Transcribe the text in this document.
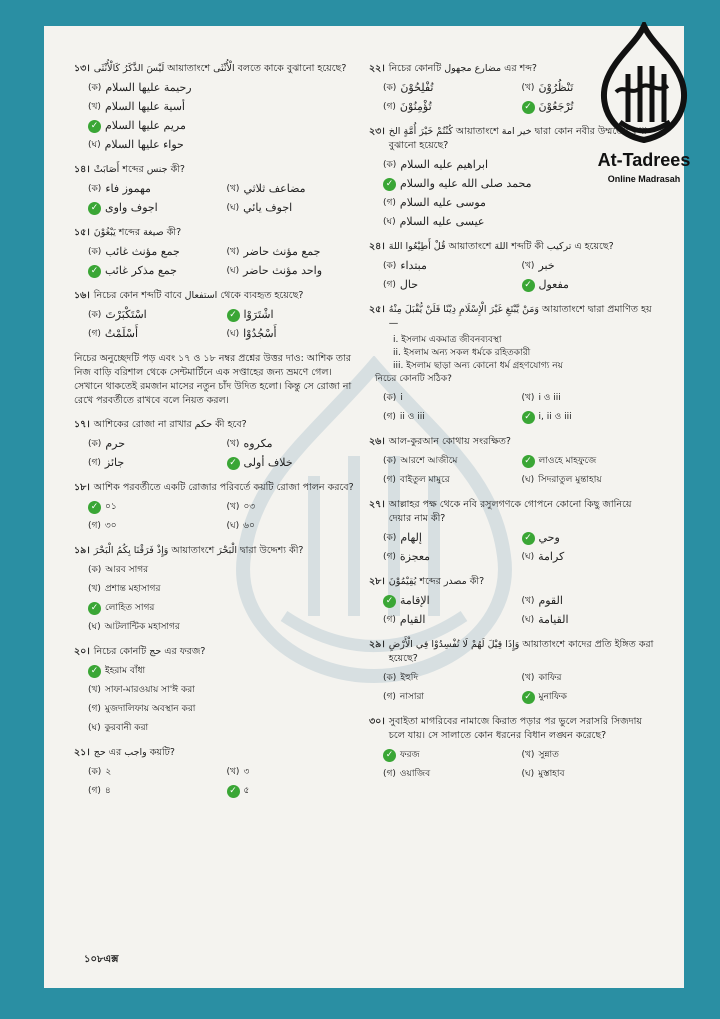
১৩। لَيْسَ الذَّكَرُ كَالْأُنْثَى আয়াতাংশে الْأُنْثَى বলতে কাকে বুঝানো হয়েছে?
(ক) رحيمة عليها السلام
(খ) أسية عليها السلام
✓ مريم عليها السلام
(ঘ) حواء عليها السلام
১৪। أَصَابَتْ শব্দের جنس কী?
(ক) مهموز فاء	(খ) مضاعف ثلاثي
✓ اجوف واوى	(ঘ) اجوف يائي
১৫। يَبْغُوْنَ শব্দের صيغة কী?
(ক) جمع مؤنث غائب	(খ) جمع مؤنث حاضر
✓ جمع مذكر غائب	(ঘ) واحد مؤنث حاضر
১৬। নিচের কোন শব্দটি বাবে استفعال থেকে ব্যবহৃত হয়েছে?
(ক) اسْتَكْبَرْتَ	✓ اشْتَرَوْا
(গ) أَسْلَمْتُ	(ঘ) أَسْجُدُوْا
নিচের অনুচ্ছেদটি পড় এবং ১৭ ও ১৮ নম্বর প্রশ্নের উত্তর দাও: আশিক তার নিজ বাড়ি বরিশাল থেকে সেন্টমার্টিনে এক সপ্তাহের জন্য ভ্রমণে গেল। সেখানে থাকতেই রমজান মাসের নতুন চাঁদ উদিত হলো। কিন্তু সে রোজা না রেখে পরবর্তীতে রাখবে বলে নিয়ত করল।
১৭। আশিকের রোজা না রাখার حكم কী হবে?
(ক) حرم	(খ) مكروه
(গ) جائز	✓ خلاف أولى
১৮। আশিক পরবর্তীতে একটি রোজার পরিবর্তে কয়টি রোজা পালন করবে?
✓ ০১	(খ) ০৩
(গ) ৩০	(ঘ) ৬০
১৯। وَإِذْ فَرَقْنَا بِكُمُ الْبَحْرَ আয়াতাংশে الْبَحْرَ দ্বারা উদ্দেশ্য কী?
(ক) আরব সাগর
(খ) প্রশান্ত মহাসাগর
✓ লোহিত সাগর
(ঘ) আটলান্টিক মহাসাগর
২০। নিচের কোনটি حج এর ফরজ?
✓ ইহরাম বাঁধা
(খ) সাফা-মারওয়ায় সা'ঈ করা
(গ) মুজদালিফায় অবস্থান করা
(ঘ) কুরবানী করা
২১। حج এর واجب কয়টি?
(ক) ২	(খ) ৩
(গ) ৪	✓ ৫
২২। নিচের কোনটি مضارع مجهول এর শব্দ?
(ক) تُفْلِحُوْنَ	(খ) تَنْظُرُوْنَ
(গ) تُؤْمِنُوْنَ	✓ تُرْجَعُوْنَ
২৩। كُنْتُمْ خَيْرَ أُمَّةٍ الخ আয়াতাংশে خير امة দ্বারা কোন নবীর উম্মতের কথা বুঝানো হয়েছে?
(ক) ابراهيم عليه السلام
✓ محمد صلى الله عليه والسلام
(গ) موسى عليه السلام
(ঘ) عيسى عليه السلام
২৪। قُلْ أَطِيْعُوا اللهَ আয়াতাংশে اللهَ শব্দটি কী تركيب এ হয়েছে?
(ক) مبتداء	(খ) خبر
(গ) حال	✓ مفعول
২৫। وَمَنْ يَّبْتَغِ غَيْرَ الْإِسْلَامِ دِيْنًا فَلَنْ يُّقْبَلَ مِنْهُ আয়াতাংশে দ্বারা প্রমাণিত হয়—
i. ইসলাম একমাত্র জীবনব্যবস্থা
ii. ইসলাম অন্য সকল ধর্মকে রহিতকারী
iii. ইসলাম ছাড়া অন্য কোনো ধর্ম গ্রহণযোগ্য নয়
নিচের কোনটি সঠিক?
(ক) i	(খ) i ও iii
(গ) ii ও iii	✓ i, ii ও iii
২৬। আল-কুরআন কোথায় সংরক্ষিত?
(ক) আরশে আজীমে	✓ লাওহে মাহফুজে
(গ) বাইতুল মামুরে	(ঘ) সিদরাতুল মুন্তাহায়
২৭। আল্লাহর পক্ষ থেকে নবি রসুলগণকে গোপনে কোনো কিছু জানিয়ে দেয়ার নাম কী?
(ক) إلهام	✓ وحي
(গ) معجزة	(ঘ) كرامة
২৮। يُقِيْمُوْنَ শব্দের مصدر কী?
✓ الإقامة	(খ) القوم
(গ) القيام	(ঘ) القيامة
২৯। وَإِذَا قِيْلَ لَهُمْ لَا تُفْسِدُوْا فِي الْأَرْضِ আয়াতাংশে কাদের প্রতি ইঙ্গিত করা হয়েছে?
(ক) ইহুদি	(খ) কাফির
(গ) নাসারা	✓ মুনাফিক
৩০। সুবাইতা মাগরিবের নামাজে কিরাত পড়ার পর ভুলে সরাসরি সিজদায় চলে যায়। সে সালাতে কোন ধরনের বিধান লঙ্ঘন করেছে?
✓ ফরজ	(খ) সুন্নাত
(গ) ওয়াজিব	(ঘ) মুস্তাহাব
১০৮এক্স
At-Tadrees
Online Madrasah
